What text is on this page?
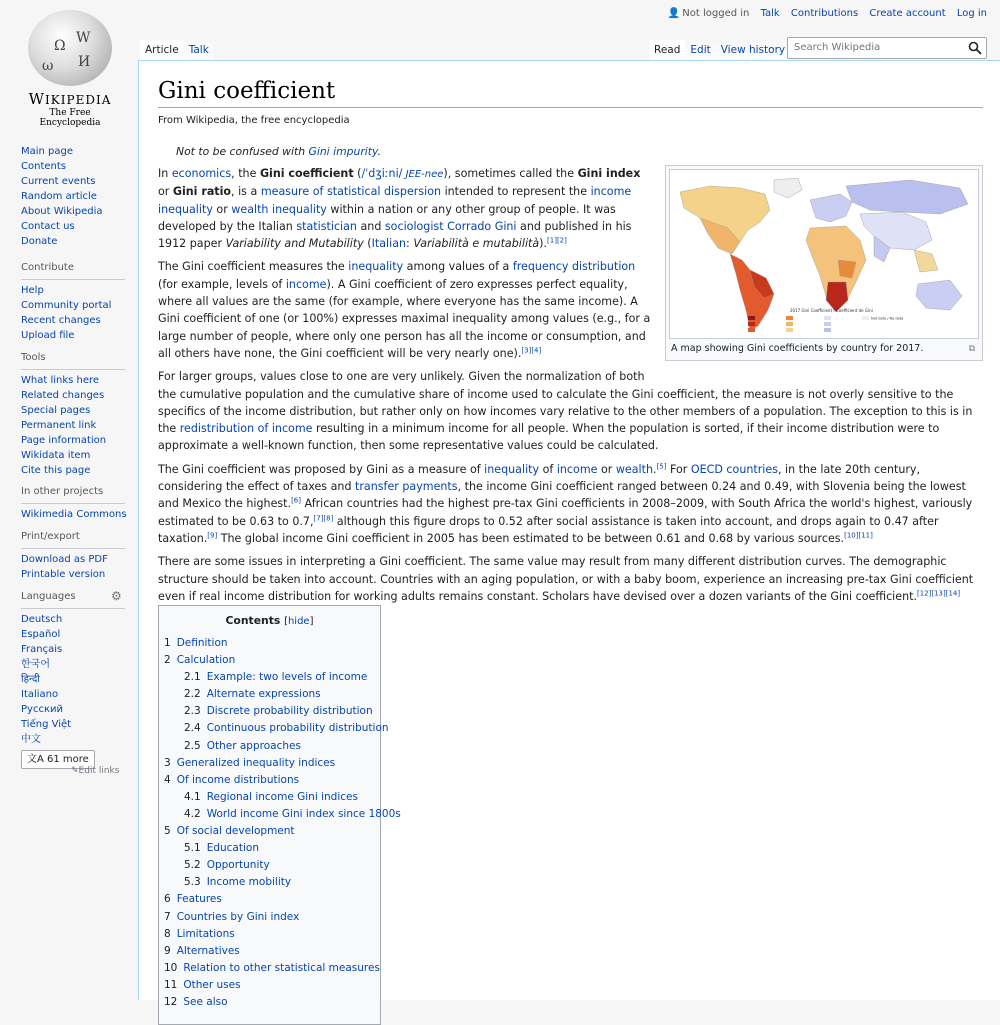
Ω W
И
ω
WIKIPEDIA
The Free Encyclopedia
Main page
Contents
Current events
Random article
About Wikipedia
Contact us
Donate
Contribute
Help
Community portal
Recent changes
Upload file
Tools
What links here
Related changes
Special pages
Permanent link
Page information
Wikidata item
Cite this page
In other projects
Wikimedia Commons
Print/export
Download as PDF
Printable version
Languages
Deutsch
Español
Français
한국어
हिन्दी
Italiano
Русский
Tiếng Việt
中文
文A 61 more
⚙
✎Edit links
👤 Not logged in Talk Contributions Create account Log in
Article Talk	Read Edit View history Search Wikipedia
Gini coefficient
From Wikipedia, the free encyclopedia
Not to be confused with Gini impurity.
2017 Gini Coefficient / Coefficient de Gini
Not data / No data
A map showing Gini coefficients by country for 2017.	⧉

In economics, the Gini coefficient (/ˈdʒiːni/ JEE-nee), sometimes called the Gini index or Gini ratio, is a measure of statistical dispersion intended to represent the income inequality or wealth inequality within a nation or any other group of people. It was developed by the Italian statistician and sociologist Corrado Gini and published in his 1912 paper Variability and Mutability (Italian: Variabilità e mutabilità).[1][2]

The Gini coefficient measures the inequality among values of a frequency distribution (for example, levels of income). A Gini coefficient of zero expresses perfect equality, where all values are the same (for example, where everyone has the same income). A Gini coefficient of one (or 100%) expresses maximal inequality among values (e.g., for a large number of people, where only one person has all the income or consumption, and all others have none, the Gini coefficient will be very nearly one).[3][4]

For larger groups, values close to one are very unlikely. Given the normalization of both the cumulative population and the cumulative share of income used to calculate the Gini coefficient, the measure is not overly sensitive to the specifics of the income distribution, but rather only on how incomes vary relative to the other members of a population. The exception to this is in the redistribution of income resulting in a minimum income for all people. When the population is sorted, if their income distribution were to approximate a well-known function, then some representative values could be calculated.

The Gini coefficient was proposed by Gini as a measure of inequality of income or wealth.[5] For OECD countries, in the late 20th century, considering the effect of taxes and transfer payments, the income Gini coefficient ranged between 0.24 and 0.49, with Slovenia being the lowest and Mexico the highest.[6] African countries had the highest pre-tax Gini coefficients in 2008–2009, with South Africa the world's highest, variously estimated to be 0.63 to 0.7,[7][8] although this figure drops to 0.52 after social assistance is taken into account, and drops again to 0.47 after taxation.[9] The global income Gini coefficient in 2005 has been estimated to be between 0.61 and 0.68 by various sources.[10][11]

There are some issues in interpreting a Gini coefficient. The same value may result from many different distribution curves. The demographic structure should be taken into account. Countries with an aging population, or with a baby boom, experience an increasing pre-tax Gini coefficient even if real income distribution for working adults remains constant. Scholars have devised over a dozen variants of the Gini coefficient.[12][13][14]

Contents [hide]
1 Definition
2 Calculation
2.1 Example: two levels of income
2.2 Alternate expressions
2.3 Discrete probability distribution
2.4 Continuous probability distribution
2.5 Other approaches
3 Generalized inequality indices
4 Of income distributions
4.1 Regional income Gini indices
4.2 World income Gini index since 1800s
5 Of social development
5.1 Education
5.2 Opportunity
5.3 Income mobility
6 Features
7 Countries by Gini index
8 Limitations
9 Alternatives
10 Relation to other statistical measures
11 Other uses
12 See also
